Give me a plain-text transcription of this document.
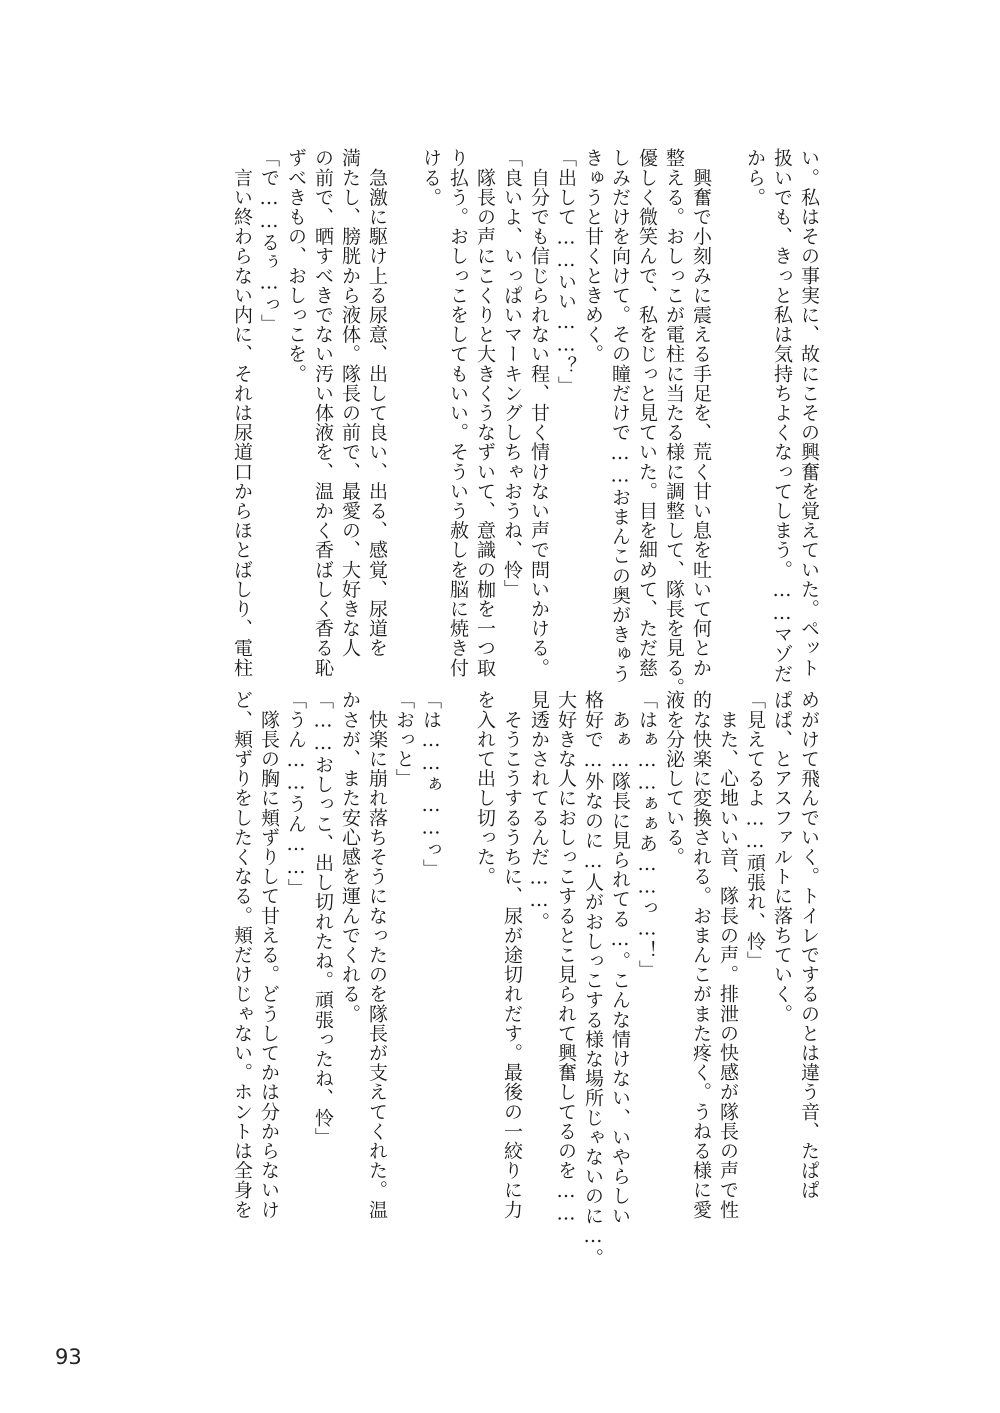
い。私はその事実に、故にこその興奮を覚えていた。ペット
扱いでも、きっと私は気持ちよくなってしまう。……マゾだ
から。

　興奮で小刻みに震える手足を、荒く甘い息を吐いて何とか
整える。おしっこが電柱に当たる様に調整して、隊長を見る。
優しく微笑んで、私をじっと見ていた。目を細めて、ただ慈
しみだけを向けて。その瞳だけで……おまんこの奥がきゅう
きゅうと甘くときめく。
「出して……いい……？」
　自分でも信じられない程、甘く情けない声で問いかける。
「良いよ、いっぱいマーキングしちゃおうね、怜」
　隊長の声にこくりと大きくうなずいて、意識の枷を一つ取
り払う。おしっこをしてもいい。そういう赦しを脳に焼き付
ける。

　急激に駆け上る尿意、出して良い、出る、感覚、尿道を
満たし、膀胱から液体。隊長の前で、最愛の、大好きな人
の前で、晒すべきでない汚い体液を、温かく香ばしく香る恥
ずべきもの、おしっこを。
「で……るぅ…っ」
　言い終わらない内に、それは尿道口からほとばしり、電柱
めがけて飛んでいく。トイレでするのとは違う音、たぱぱ
ぱぱ、とアスファルトに落ちていく。
「見えてるよ……頑張れ、怜」
　また、心地いい音、隊長の声。排泄の快感が隊長の声で性
的な快楽に変換される。おまんこがまた疼く。うねる様に愛
液を分泌している。
「はぁ……ぁぁあ……っ…！」
　あぁ…隊長に見られてる…。こんな情けない、いやらしい
格好で…外なのに…人がおしっこする様な場所じゃないのに…。
大好きな人におしっこするとこ見られて興奮してるのを……
見透かされてるんだ……。
　そうこうするうちに、尿が途切れだす。最後の一絞りに力
を入れて出し切った。

「は……ぁ……っ」
「おっと」
　快楽に崩れ落ちそうになったのを隊長が支えてくれた。温
かさが、また安心感を運んでくれる。
「……おしっこ、出し切れたね。頑張ったね、怜」
「うん……うん……」
　隊長の胸に頬ずりして甘える。どうしてかは分からないけ
ど、頬ずりをしたくなる。頬だけじゃない。ホントは全身を
93
